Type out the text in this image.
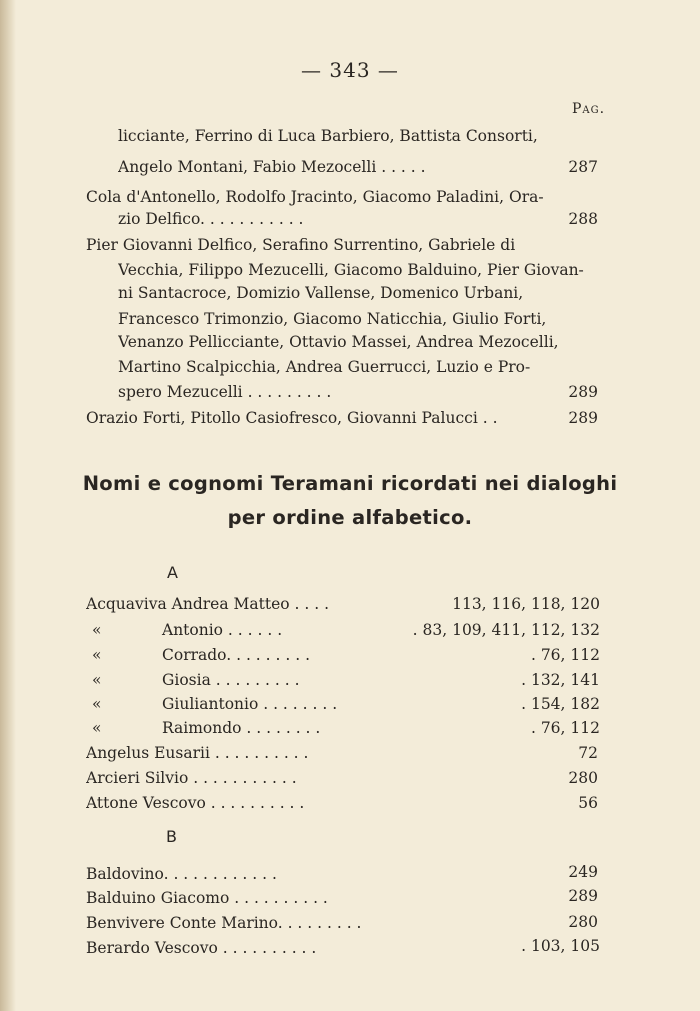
— 343 —
Pag.
licciante, Ferrino di Luca Barbiero, Battista Consorti,
Angelo Montani, Fabio Mezocelli . . . . .	287
Cola d'Antonello, Rodolfo Jracinto, Giacomo Paladini, Ora-
zio Delfico. . . . . . . . . . .	288
Pier Giovanni Delfico, Serafino Surrentino, Gabriele di
Vecchia, Filippo Mezucelli, Giacomo Balduino, Pier Giovan-
ni Santacroce, Domizio Vallense, Domenico Urbani,
Francesco Trimonzio, Giacomo Naticchia, Giulio Forti,
Venanzo Pellicciante, Ottavio Massei, Andrea Mezocelli,
Martino Scalpicchia, Andrea Guerrucci, Luzio e Pro-
spero Mezucelli . . . . . . . . .	289
Orazio Forti, Pitollo Casiofresco, Giovanni Palucci . .	289
Nomi e cognomi Teramani ricordati nei dialoghi
per ordine alfabetico.
A
Acquaviva Andrea Matteo . . . .	113, 116, 118, 120
«	Antonio . . . . . .	. 83, 109, 411, 112, 132
«	Corrado. . . . . . . . .	. 76, 112
«	Giosia . . . . . . . . .	. 132, 141
«	Giuliantonio . . . . . . . .	. 154, 182
«	Raimondo . . . . . . . .	. 76, 112
Angelus Eusarii . . . . . . . . . .	72
Arcieri Silvio . . . . . . . . . . .	280
Attone Vescovo . . . . . . . . . .	56
B
Baldovino. . . . . . . . . . . .	249
Balduino Giacomo . . . . . . . . . .	289
Benvivere Conte Marino. . . . . . . . .	280
Berardo Vescovo . . . . . . . . . .	. 103, 105
